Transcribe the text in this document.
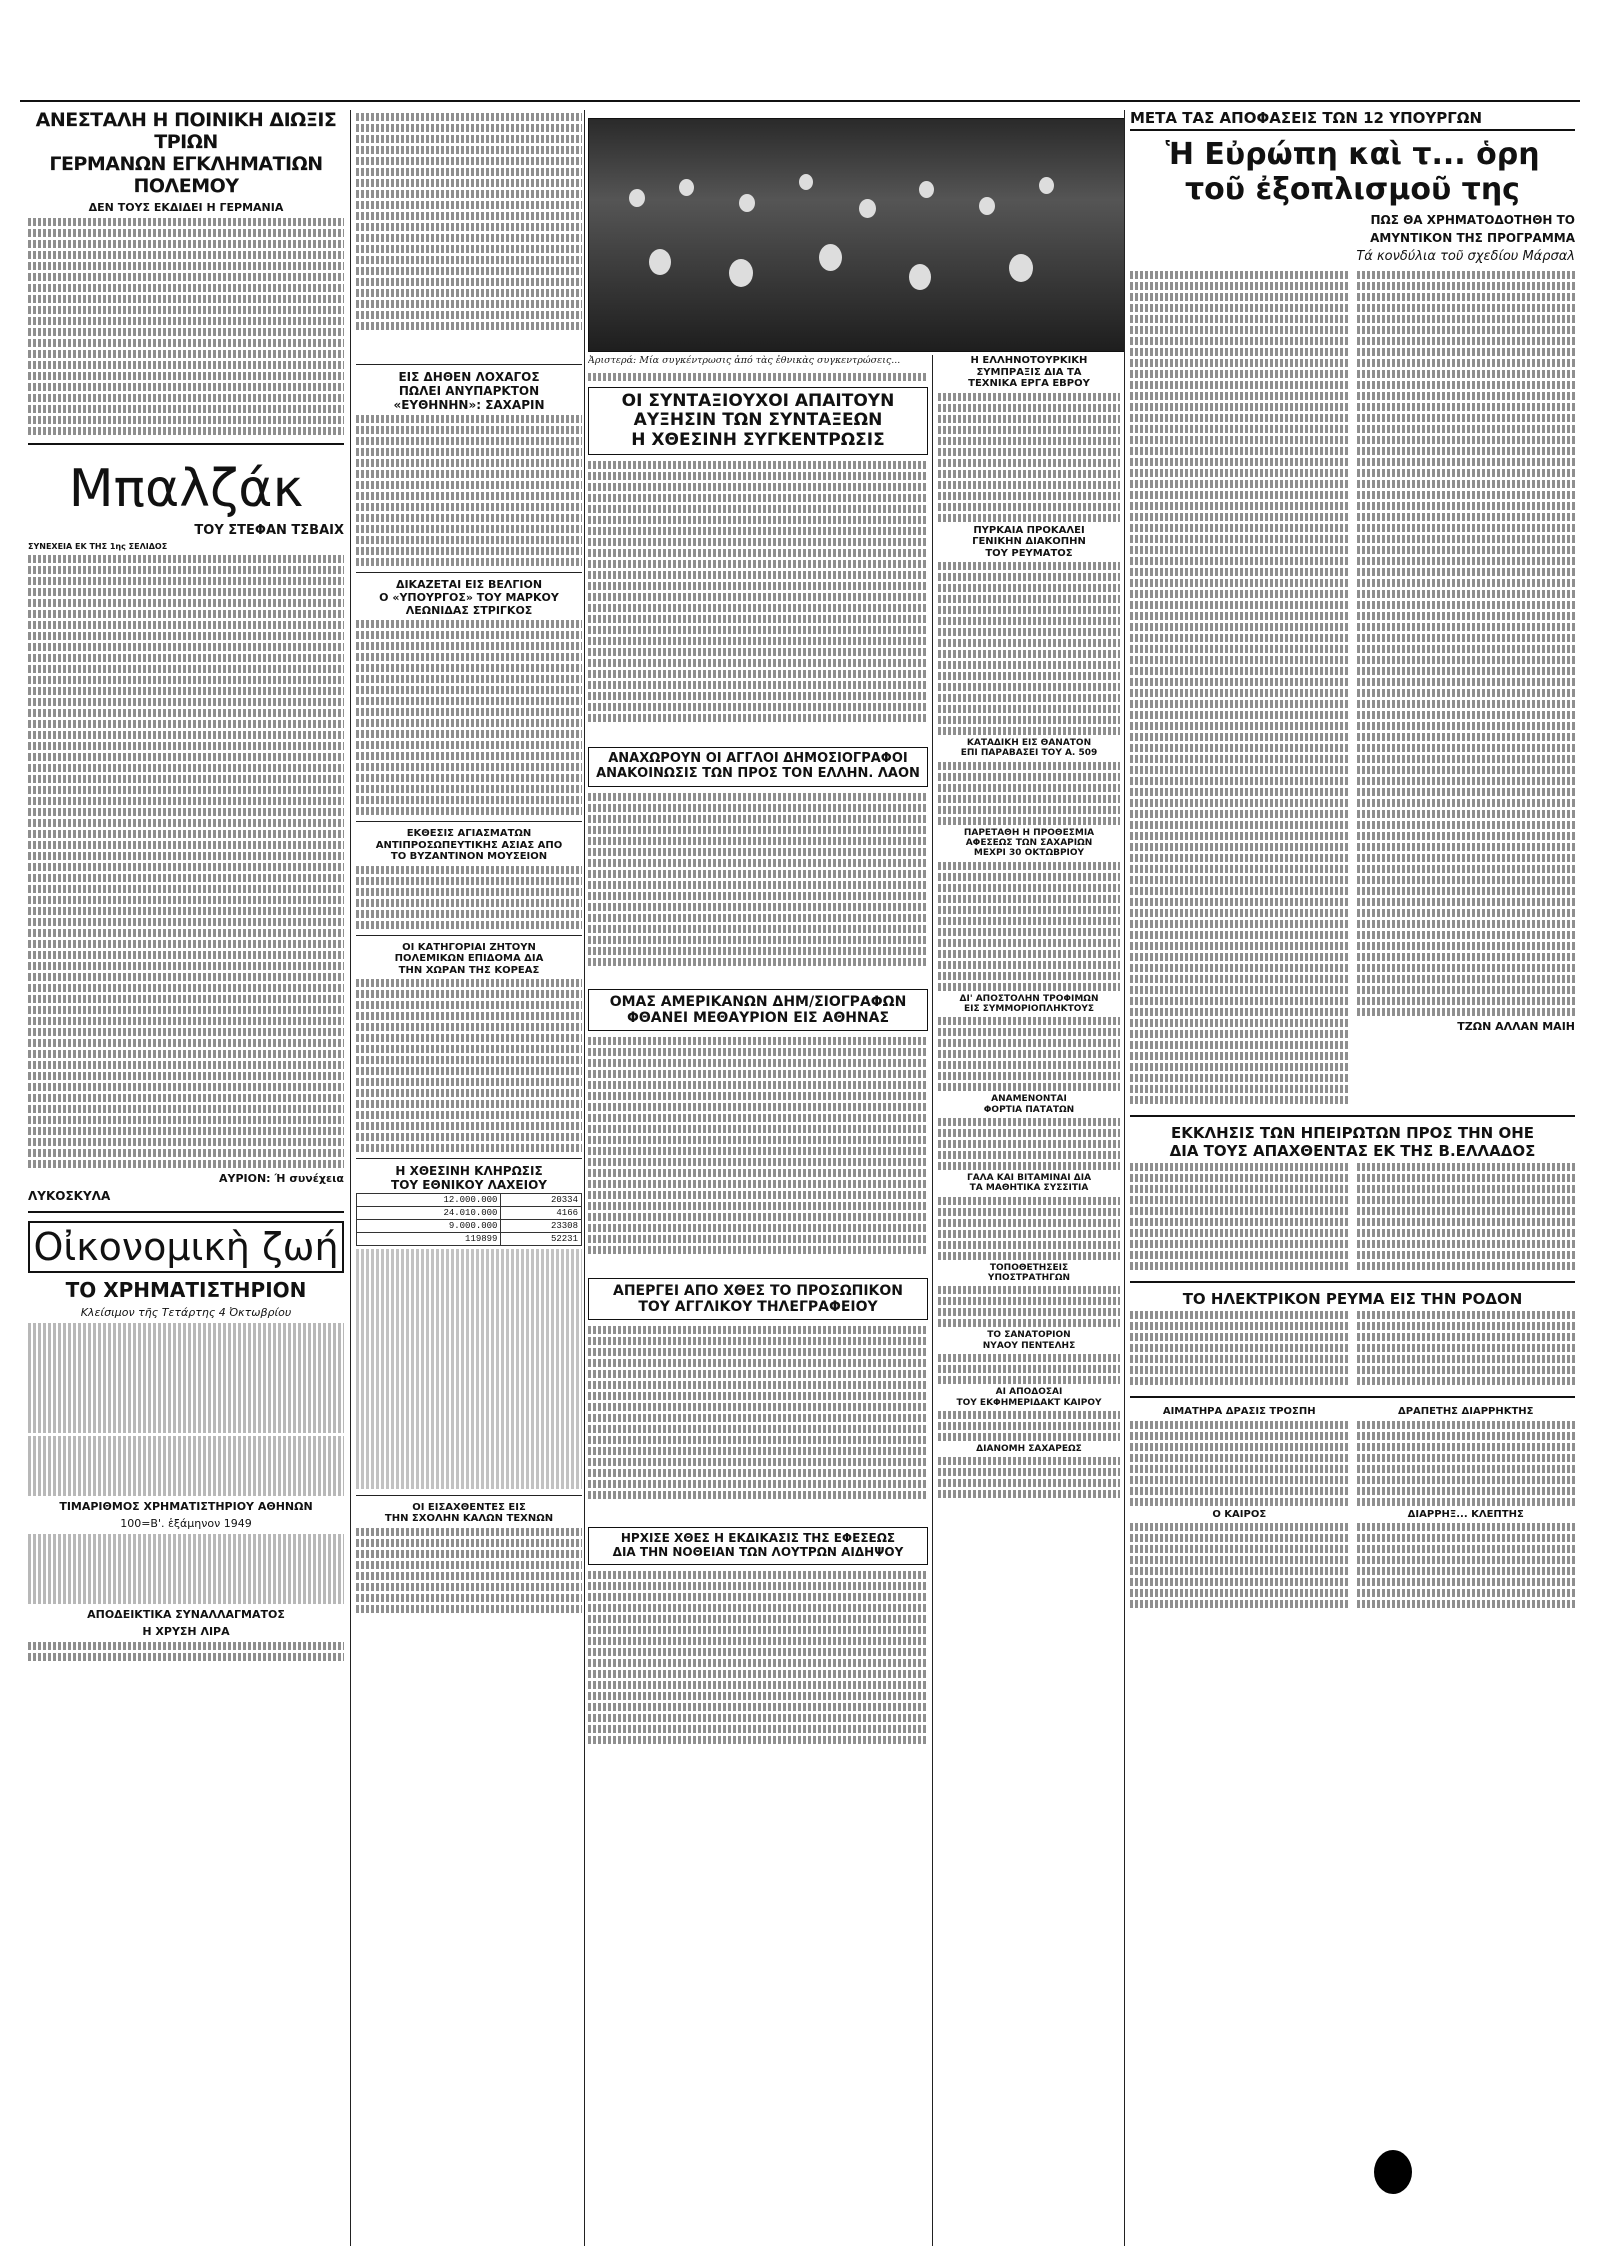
ΑΝΕΣΤΑΛΗ Η ΠΟΙΝΙΚΗ ΔΙΩΞΙΣ ΤΡΙΩΝ
ΓΕΡΜΑΝΩΝ ΕΓΚΛΗΜΑΤΙΩΝ ΠΟΛΕΜΟΥ
ΔΕΝ ΤΟΥΣ ΕΚΔΙΔΕΙ Η ΓΕΡΜΑΝΙΑ
Μπαλζάκ
ΤΟΥ ΣΤΕΦΑΝ ΤΣΒΑΙΧ
ΣΥΝΕΧΕΙΑ ΕΚ ΤΗΣ 1ης ΣΕΛΙΔΟΣ
ΑΥΡΙΟΝ: Ή συνέχεια
ΛΥΚΟΣΚΥΛΑ
Οἰκονομικὴ ζωή
ΤΟ ΧΡΗΜΑΤΙΣΤΗΡΙΟΝ
Κλείσιμον τῆς Τετάρτης 4 Ὀκτωβρίου
ΤΙΜΑΡΙΘΜΟΣ ΧΡΗΜΑΤΙΣΤΗΡΙΟΥ ΑΘΗΝΩΝ
100=Β'. ἑξάμηνον 1949
ΑΠΟΔΕΙΚΤΙΚΑ ΣΥΝΑΛΛΑΓΜΑΤΟΣ
Η ΧΡΥΣΗ ΛΙΡΑ
ΕΙΣ ΔΗΘΕΝ ΛΟΧΑΓΟΣ
ΠΩΛΕΙ ΑΝΥΠΑΡΚΤΟΝ
«ΕΥΘΗΝΗΝ»: ΣΑΧΑΡΙΝ
ΔΙΚΑΖΕΤΑΙ ΕΙΣ ΒΕΛΓΙΟΝ
Ο «ΥΠΟΥΡΓΟΣ» ΤΟΥ ΜΑΡΚΟΥ
ΛΕΩΝΙΔΑΣ ΣΤΡΙΓΚΟΣ
ΕΚΘΕΣΙΣ ΑΓΙΑΣΜΑΤΩΝ
ΑΝΤΙΠΡΟΣΩΠΕΥΤΙΚΗΣ ΑΣΙΑΣ ΑΠΟ
ΤΟ ΒΥΖΑΝΤΙΝΟΝ ΜΟΥΣΕΙΟΝ
ΟΙ ΚΑΤΗΓΟΡΙΑΙ ΖΗΤΟΥΝ
ΠΟΛΕΜΙΚΩΝ ΕΠΙΔΟΜΑ ΔΙΑ
ΤΗΝ ΧΩΡΑΝ ΤΗΣ ΚΟΡΕΑΣ
Η ΧΘΕΣΙΝΗ ΚΛΗΡΩΣΙΣ
ΤΟΥ ΕΘΝΙΚΟΥ ΛΑΧΕΙΟΥ
12.000.000	20334
24.010.000	4166
9.000.000	23308
119899	52231
ΟΙ ΕΙΣΑΧΘΕΝΤΕΣ ΕΙΣ
ΤΗΝ ΣΧΟΛΗΝ ΚΑΛΩΝ ΤΕΧΝΩΝ
Ἀριστερά: Μία συγκέντρωσις ἀπό τὰς ἐθνικὰς συγκεντρώσεις...
ΟΙ ΣΥΝΤΑΞΙΟΥΧΟΙ ΑΠΑΙΤΟΥΝ
ΑΥΞΗΣΙΝ ΤΩΝ ΣΥΝΤΑΞΕΩΝ
Η ΧΘΕΣΙΝΗ ΣΥΓΚΕΝΤΡΩΣΙΣ
ΑΝΑΧΩΡΟΥΝ ΟΙ ΑΓΓΛΟΙ ΔΗΜΟΣΙΟΓΡΑΦΟΙ
ΑΝΑΚΟΙΝΩΣΙΣ ΤΩΝ ΠΡΟΣ ΤΟΝ ΕΛΛΗΝ. ΛΑΟΝ
ΟΜΑΣ ΑΜΕΡΙΚΑΝΩΝ ΔΗΜ/ΣΙΟΓΡΑΦΩΝ
ΦΘΑΝΕΙ ΜΕΘΑΥΡΙΟΝ ΕΙΣ ΑΘΗΝΑΣ
ΑΠΕΡΓΕΙ ΑΠΟ ΧΘΕΣ ΤΟ ΠΡΟΣΩΠΙΚΟΝ
ΤΟΥ ΑΓΓΛΙΚΟΥ ΤΗΛΕΓΡΑΦΕΙΟΥ
ΗΡΧΙΣΕ ΧΘΕΣ Η ΕΚΔΙΚΑΣΙΣ ΤΗΣ ΕΦΕΣΕΩΣ
ΔΙΑ ΤΗΝ ΝΟΘΕΙΑΝ ΤΩΝ ΛΟΥΤΡΩΝ ΑΙΔΗΨΟΥ
Η ΕΛΛΗΝΟΤΟΥΡΚΙΚΗ
ΣΥΜΠΡΑΞΙΣ ΔΙΑ ΤΑ
ΤΕΧΝΙΚΑ ΕΡΓΑ ΕΒΡΟΥ
ΠΥΡΚΑΙΑ ΠΡΟΚΑΛΕΙ
ΓΕΝΙΚΗΝ ΔΙΑΚΟΠΗΝ
ΤΟΥ ΡΕΥΜΑΤΟΣ
ΚΑΤΑΔΙΚΗ ΕΙΣ ΘΑΝΑΤΟΝ
ΕΠΙ ΠΑΡΑΒΑΣΕΙ ΤΟΥ Α. 509
ΠΑΡΕΤΑΘΗ Η ΠΡΟΘΕΣΜΙΑ
ΑΦΕΣΕΩΣ ΤΩΝ ΣΑΧΑΡΙΩΝ
ΜΕΧΡΙ 30 ΟΚΤΩΒΡΙΟΥ
ΔΙ' ΑΠΟΣΤΟΛΗΝ ΤΡΟΦΙΜΩΝ
ΕΙΣ ΣΥΜΜΟΡΙΟΠΛΗΚΤΟΥΣ
ΑΝΑΜΕΝΟΝΤΑΙ
ΦΟΡΤΙΑ ΠΑΤΑΤΩΝ
ΓΑΛΑ ΚΑΙ ΒΙΤΑΜΙΝΑΙ ΔΙΑ
ΤΑ ΜΑΘΗΤΙΚΑ ΣΥΣΣΙΤΙΑ
ΤΟΠΟΘΕΤΗΣΕΙΣ
ΥΠΟΣΤΡΑΤΗΓΩΝ
ΤΟ ΣΑΝΑΤΟΡΙΟΝ
ΝΥΑΟΥ ΠΕΝΤΕΛΗΣ
ΑΙ ΑΠΟΔΟΣΑΙ
ΤΟΥ ΕΚΦΗΜΕΡΙΔΑΚΤ ΚΑΙΡΟΥ
ΔΙΑΝΟΜΗ ΣΑΧΑΡΕΩΣ
ΜΕΤΑ ΤΑΣ ΑΠΟΦΑΣΕΙΣ ΤΩΝ 12 ΥΠΟΥΡΓΩΝ
Ἡ Εὐρώπη καὶ τ... ὁρη
τοῦ ἐξοπλισμοῦ της
ΠΩΣ ΘΑ ΧΡΗΜΑΤΟΔΟΤΗΘΗ ΤΟ
ΑΜΥΝΤΙΚΟΝ ΤΗΣ ΠΡΟΓΡΑΜΜΑ
Τά κονδύλια τοῦ σχεδίου Μάρσαλ
ΤΖΩΝ ΑΛΛΑΝ ΜΑΙΗ
ΕΚΚΛΗΣΙΣ ΤΩΝ ΗΠΕΙΡΩΤΩΝ ΠΡΟΣ ΤΗΝ ΟΗΕ
ΔΙΑ ΤΟΥΣ ΑΠΑΧΘΕΝΤΑΣ ΕΚ ΤΗΣ Β.ΕΛΛΑΔΟΣ
ΤΟ ΗΛΕΚΤΡΙΚΟΝ ΡΕΥΜΑ ΕΙΣ ΤΗΝ ΡΟΔΟΝ
ΑΙΜΑΤΗΡΑ ΔΡΑΣΙΣ ΤΡΟΣΠΗ
Ο ΚΑΙΡΟΣ
ΔΡΑΠΕΤΗΣ ΔΙΑΡΡΗΚΤΗΣ
ΔΙΑΡΡΗΞ... ΚΛΕΠΤΗΣ
